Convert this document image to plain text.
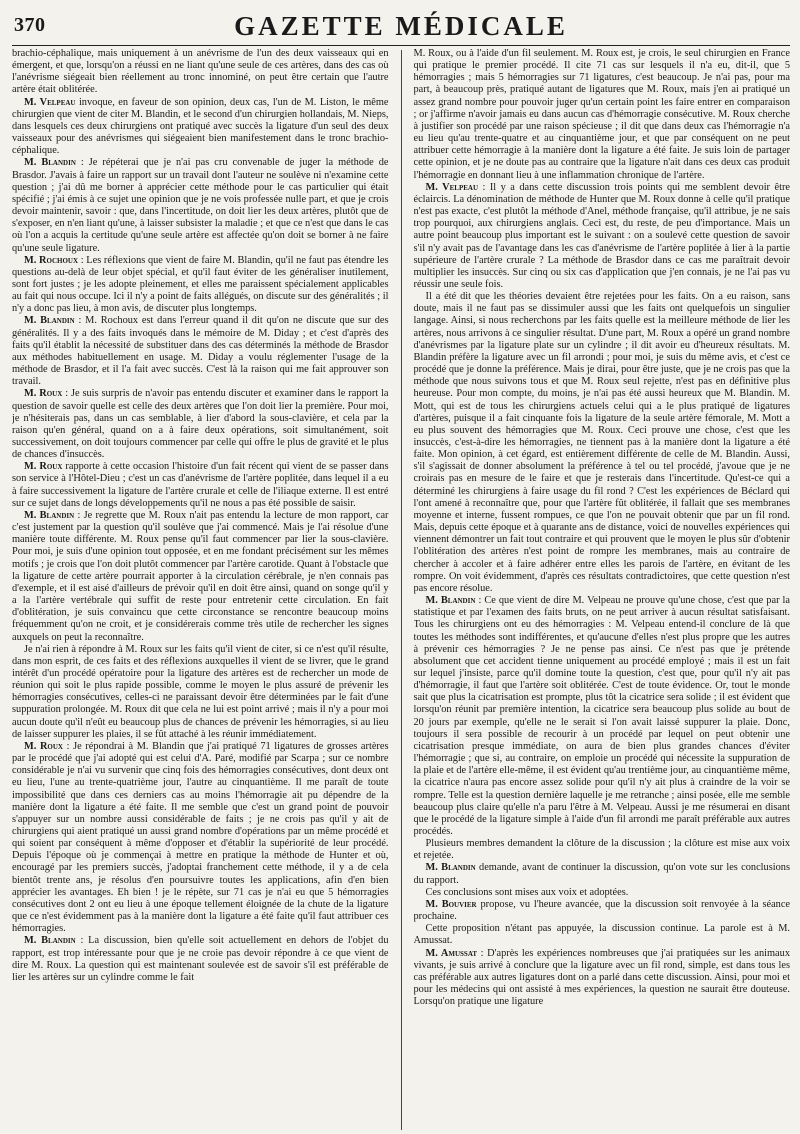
370	GAZETTE MÉDICALE

brachio-céphalique, mais uniquement à un anévrisme de l'un des deux vaisseaux qui en émergent, et que, lorsqu'on a réussi en ne liant qu'une seule de ces artères, dans des cas où l'anévrisme siégeait bien réellement au tronc innominé, on peut être certain que l'autre artère était oblitérée.

M. Velpeau invoque, en faveur de son opinion, deux cas, l'un de M. Liston, le même chirurgien que vient de citer M. Blandin, et le second d'un chirurgien hollandais, M. Nieps, dans lesquels ces deux chirurgiens ont pratiqué avec succès la ligature d'un seul des deux vaisseaux pour des anévrismes qui siégeaient bien manifestement dans le tronc brachio-céphalique.

M. Blandin : Je répéterai que je n'ai pas cru convenable de juger la méthode de Brasdor. J'avais à faire un rapport sur un travail dont l'auteur ne soulève ni n'examine cette question ; j'ai dû me borner à apprécier cette méthode pour le cas particulier qui était spécifié ; j'ai émis à ce sujet une opinion que je ne vois professée nulle part, et que je crois devoir maintenir, savoir : que, dans l'incertitude, on doit lier les deux artères, plutôt que de s'exposer, en n'en liant qu'une, à laisser subsister la maladie ; et que ce n'est que dans le cas où l'on a acquis la certitude qu'une seule artère est affectée qu'on doit se borner à ne faire qu'une seule ligature.

M. Rochoux : Les réflexions que vient de faire M. Blandin, qu'il ne faut pas étendre les questions au-delà de leur objet spécial, et qu'il faut éviter de les généraliser inutilement, sont fort justes ; je les adopte pleinement, et elles me paraissent spécialement applicables au fait qui nous occupe. Ici il n'y a point de faits allégués, on discute sur des généralités ; il n'y a donc pas lieu, à mon avis, de discuter plus longtemps.

M. Blandin : M. Rochoux est dans l'erreur quand il dit qu'on ne discute que sur des généralités. Il y a des faits invoqués dans le mémoire de M. Diday ; et c'est d'après des faits qu'il établit la nécessité de substituer dans des cas déterminés la méthode de Brasdor aux méthodes habituellement en usage. M. Diday a voulu réglementer l'usage de la méthode de Brasdor, et il l'a fait avec succès. C'est là la raison qui me fait approuver son travail.

M. Roux : Je suis surpris de n'avoir pas entendu discuter et examiner dans le rapport la question de savoir quelle est celle des deux artères que l'on doit lier la première. Pour moi, je n'hésiterais pas, dans un cas semblable, à lier d'abord la sous-clavière, et cela par la raison qu'en général, quand on a à faire deux opérations, soit simultanément, soit successivement, on doit toujours commencer par celle qui offre le plus de gravité et le plus de chances d'insuccès.

M. Roux rapporte à cette occasion l'histoire d'un fait récent qui vient de se passer dans son service à l'Hôtel-Dieu ; c'est un cas d'anévrisme de l'artère poplitée, dans lequel il a eu à faire successivement la ligature de l'artère crurale et celle de l'iliaque externe. Il est entré sur ce sujet dans de longs développements qu'il ne nous a pas été possible de saisir.

M. Blandin : Je regrette que M. Roux n'ait pas entendu la lecture de mon rapport, car c'est justement par la question qu'il soulève que j'ai commencé. Mais je l'ai résolue d'une manière toute différente. M. Roux pense qu'il faut commencer par lier la sous-clavière. Pour moi, je suis d'une opinion tout opposée, et en me fondant précisément sur les mêmes motifs ; je crois que l'on doit plutôt commencer par l'artère carotide. Quant à l'obstacle que la ligature de cette artère pourrait apporter à la circulation cérébrale, je n'en connais pas d'exemple, et il est aisé d'ailleurs de prévoir qu'il en doit être ainsi, quand on songe qu'il y a la l'artère vertébrale qui suffit de reste pour entretenir cette circulation. En fait d'oblitération, je suis convaincu que cette circonstance se rencontre beaucoup moins fréquemment qu'on ne croit, et je considérerais comme très utile de rechercher les signes auxquels on peut la reconnaître.

Je n'ai rien à répondre à M. Roux sur les faits qu'il vient de citer, si ce n'est qu'il résulte, dans mon esprit, de ces faits et des réflexions auxquelles il vient de se livrer, que le grand intérêt d'un procédé opératoire pour la ligature des artères est de rechercher un mode de réunion qui soit le plus rapide possible, comme le moyen le plus assuré de prévenir les hémorragies consécutives, celles-ci ne paraissant devoir être déterminées par le fait d'une suppuration prolongée. M. Roux dit que cela ne lui est point arrivé ; mais il n'y a pour moi aucun doute qu'il n'eût eu beaucoup plus de chances de prévenir les hémorragies, si au lieu de laisser suppurer les plaies, il se fût attaché à les réunir immédiatement.

M. Roux : Je répondrai à M. Blandin que j'ai pratiqué 71 ligatures de grosses artères par le procédé que j'ai adopté qui est celui d'A. Paré, modifié par Scarpa ; sur ce nombre considérable je n'ai vu survenir que cinq fois des hémorragies consécutives, dont deux ont eu lieu, l'une au trente-quatrième jour, l'autre au cinquantième. Il me paraît de toute impossibilité que dans ces derniers cas au moins l'hémorragie ait pu dépendre de la manière dont la ligature a été faite. Il me semble que c'est un grand point de pouvoir s'appuyer sur un nombre aussi considérable de faits ; je ne crois pas qu'il y ait de chirurgiens qui aient pratiqué un aussi grand nombre d'opérations par un même procédé et qui soient par conséquent à même d'opposer et d'établir la supériorité de leur procédé. Depuis l'époque où je commençai à mettre en pratique la méthode de Hunter et où, encouragé par les premiers succès, j'adoptai franchement cette méthode, il y a de cela bientôt trente ans, je résolus d'en poursuivre toutes les applications, afin d'en bien apprécier les avantages. Eh bien ! je le répète, sur 71 cas je n'ai eu que 5 hémorragies consécutives dont 2 ont eu lieu à une époque tellement éloignée de la chute de la ligature que ce n'est évidemment pas à la manière dont la ligature a été faite qu'il faut attribuer ces hémorragies.

M. Blandin : La discussion, bien qu'elle soit actuellement en dehors de l'objet du rapport, est trop intéressante pour que je ne croie pas devoir répondre à ce que vient de dire M. Roux. La question qui est maintenant soulevée est de savoir s'il est préférable de lier les artères sur un cylindre comme le fait

M. Roux, ou à l'aide d'un fil seulement. M. Roux est, je crois, le seul chirurgien en France qui pratique le premier procédé. Il cite 71 cas sur lesquels il n'a eu, dit-il, que 5 hémorragies ; mais 5 hémorragies sur 71 ligatures, c'est beaucoup. Je n'ai pas, pour ma part, à beaucoup près, pratiqué autant de ligatures que M. Roux, mais j'en ai pratiqué un assez grand nombre pour pouvoir juger qu'un certain point les faire entrer en comparaison ; or j'affirme n'avoir jamais eu dans aucun cas d'hémorragie consécutive. M. Roux cherche à justifier son procédé par une raison spécieuse ; il dit que dans deux cas l'hémorragie n'a eu lieu qu'au trente-quatre et au cinquantième jour, et que par conséquent on ne peut attribuer cette hémorragie à la manière dont la ligature a été faite. Je suis loin de partager cette opinion, et je ne doute pas au contraire que la ligature n'ait dans ces deux cas produit l'hémorragie en donnant lieu à une inflammation chronique de l'artère.

M. Velpeau : Il y a dans cette discussion trois points qui me semblent devoir être éclaircis. La dénomination de méthode de Hunter que M. Roux donne à celle qu'il pratique n'est pas exacte, c'est plutôt la méthode d'Anel, méthode française, qu'il attribue, je ne sais trop pourquoi, aux chirurgiens anglais. Ceci est, du reste, de peu d'importance. Mais un autre point beaucoup plus important est le suivant : on a soulevé cette question de savoir s'il n'y avait pas de l'avantage dans les cas d'anévrisme de l'artère poplitée à lier à la partie supérieure de l'artère crurale ? La méthode de Brasdor dans ce cas me paraîtrait devoir multiplier les insuccès. Sur cinq ou six cas d'application que j'en connais, je ne l'ai pas vu réussir une seule fois.

Il a été dit que les théories devaient être rejetées pour les faits. On a eu raison, sans doute, mais il ne faut pas se dissimuler aussi que les faits ont quelquefois un singulier langage. Ainsi, si nous recherchons par les faits quelle est la meilleure méthode de lier les artères, nous arrivons à ce singulier résultat. D'une part, M. Roux a opéré un grand nombre d'anévrismes par la ligature plate sur un cylindre ; il dit avoir eu d'heureux résultats. M. Blandin préfère la ligature avec un fil arrondi ; pour moi, je suis du même avis, et c'est ce procédé que je donne la préférence. Mais je dirai, pour être juste, que je ne crois pas que la méthode que nous suivons tous et que M. Roux seul rejette, n'est pas en définitive plus heureuse. Pour mon compte, du moins, je n'ai pas été aussi heureux que M. Blandin. M. Mott, qui est de tous les chirurgiens actuels celui qui a le plus pratiqué de ligatures d'artères, puisque il a fait cinquante fois la ligature de la seule artère fémorale, M. Mott a eu plus souvent des hémorragies que M. Roux. Ceci prouve une chose, c'est que les insuccès, c'est-à-dire les hémorragies, ne tiennent pas à la manière dont la ligature a été faite. Mon opinion, à cet égard, est entièrement différente de celle de M. Blandin. Aussi, s'il s'agissait de donner absolument la préférence à tel ou tel procédé, j'avoue que je ne croirais pas en mesure de le faire et que je resterais dans l'incertitude. Qu'est-ce qui a déterminé les chirurgiens à faire usage du fil rond ? C'est les expériences de Béclard qui l'ont amené à reconnaître que, pour que l'artère fût oblitérée, il fallait que ses membranes moyenne et interne, fussent rompues, ce que l'on ne pouvait obtenir que par un fil rond. Mais, depuis cette époque et à quarante ans de distance, voici de nouvelles expériences qui viennent démontrer un fait tout contraire et qui prouvent que le moyen le plus sûr d'obtenir l'oblitération des artères n'est point de rompre les membranes, mais au contraire de chercher à accoler et à faire adhérer entre elles les parois de l'artère, en évitant de les rompre. On voit évidemment, d'après ces résultats contradictoires, que cette question n'est pas encore résolue.

M. Blandin : Ce que vient de dire M. Velpeau ne prouve qu'une chose, c'est que par la statistique et par l'examen des faits bruts, on ne peut arriver à aucun résultat satisfaisant. Tous les chirurgiens ont eu des hémorragies : M. Velpeau entend-il conclure de là que toutes les méthodes sont indifférentes, et qu'aucune d'elles n'est plus propre que les autres à prévenir ces hémorragies ? Je ne pense pas ainsi. Ce n'est pas que je prétende absolument que cet accident tienne uniquement au procédé employé ; mais il est un fait sur lequel j'insiste, parce qu'il domine toute la question, c'est que, pour qu'il n'y ait pas d'hémorragie, il faut que l'artère soit oblitérée. C'est de toute évidence. Or, tout le monde sait que plus la cicatrisation est prompte, plus tôt la cicatrice sera solide ; il est évident que lorsqu'on réunit par première intention, la cicatrice sera beaucoup plus solide au bout de 20 jours par exemple, qu'elle ne le serait si l'on avait laissé suppurer la plaie. Donc, toujours il sera possible de recourir à un procédé par lequel on peut obtenir une cicatrisation presque immédiate, on aura de bien plus grandes chances d'éviter l'hémorragie ; que si, au contraire, on emploie un procédé qui nécessite la suppuration de la plaie et de l'artère elle-même, il est évident qu'au trentième jour, au cinquantième même, la cicatrice n'aura pas encore assez solide pour qu'il n'y ait plus à craindre de la voir se rompre. Telle est la question dernière laquelle je me retranche ; ainsi posée, elle me semble beaucoup plus claire qu'elle n'a paru l'être à M. Velpeau. Aussi je me résumerai en disant que le procédé de la ligature simple à l'aide d'un fil arrondi me paraît préférable aux autres procédés.

Plusieurs membres demandent la clôture de la discussion ; la clôture est mise aux voix et rejetée.

M. Blandin demande, avant de continuer la discussion, qu'on vote sur les conclusions du rapport.

Ces conclusions sont mises aux voix et adoptées.

M. Bouvier propose, vu l'heure avancée, que la discussion soit renvoyée à la séance prochaine.

Cette proposition n'étant pas appuyée, la discussion continue. La parole est à M. Amussat.

M. Amussat : D'après les expériences nombreuses que j'ai pratiquées sur les animaux vivants, je suis arrivé à conclure que la ligature avec un fil rond, simple, est dans tous les cas préférable aux autres ligatures dont on a parlé dans cette discussion. Ainsi, pour moi et pour les médecins qui ont assisté à mes expériences, la question ne saurait être douteuse. Lorsqu'on pratique une ligature
